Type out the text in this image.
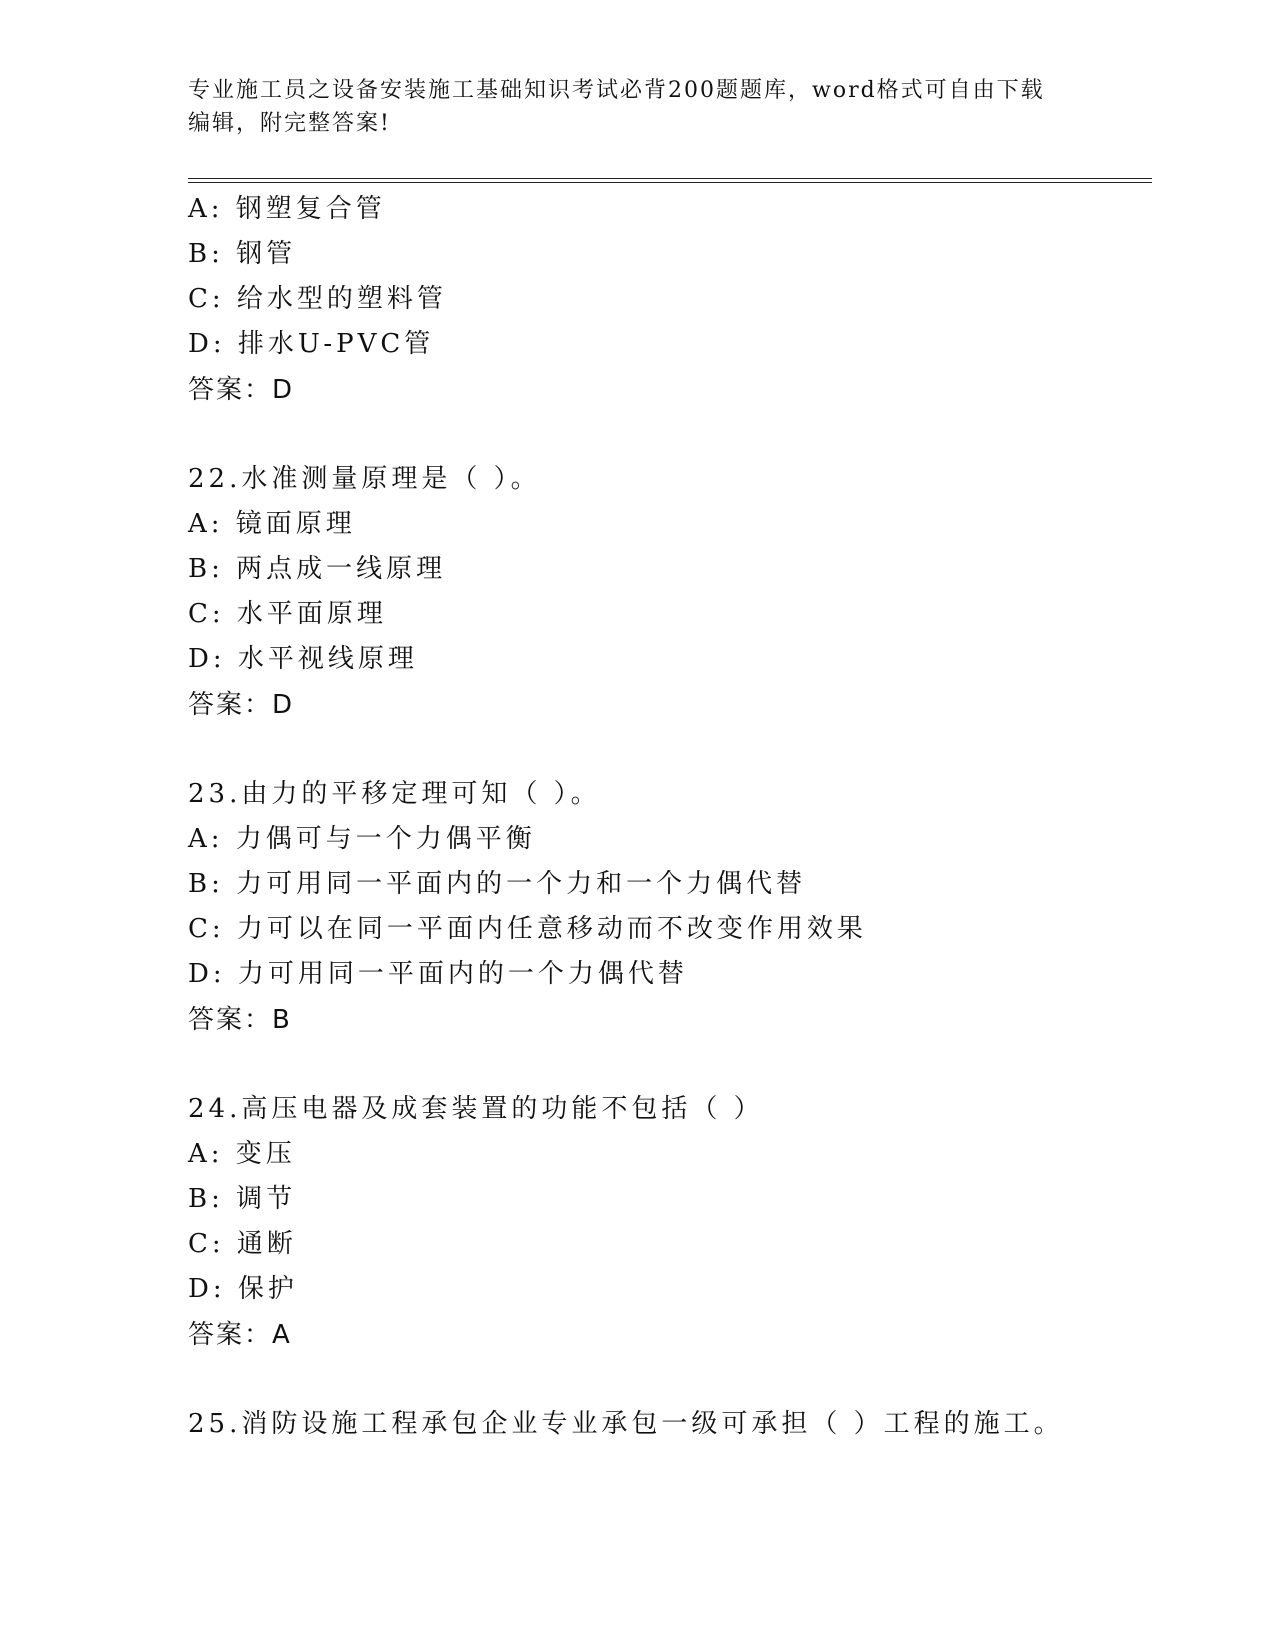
专业施工员之设备安装施工基础知识考试必背200题题库，word格式可自由下载
编辑，附完整答案!
A: 钢塑复合管
B: 钢管
C: 给水型的塑料管
D: 排水U-PVC管
答案：D
22.水准测量原理是（ ）。
A: 镜面原理
B: 两点成一线原理
C: 水平面原理
D: 水平视线原理
答案：D
23.由力的平移定理可知（ ）。
A: 力偶可与一个力偶平衡
B: 力可用同一平面内的一个力和一个力偶代替
C: 力可以在同一平面内任意移动而不改变作用效果
D: 力可用同一平面内的一个力偶代替
答案：B
24.高压电器及成套装置的功能不包括（ ）
A: 变压
B: 调节
C: 通断
D: 保护
答案：A
25.消防设施工程承包企业专业承包一级可承担（ ）工程的施工。
